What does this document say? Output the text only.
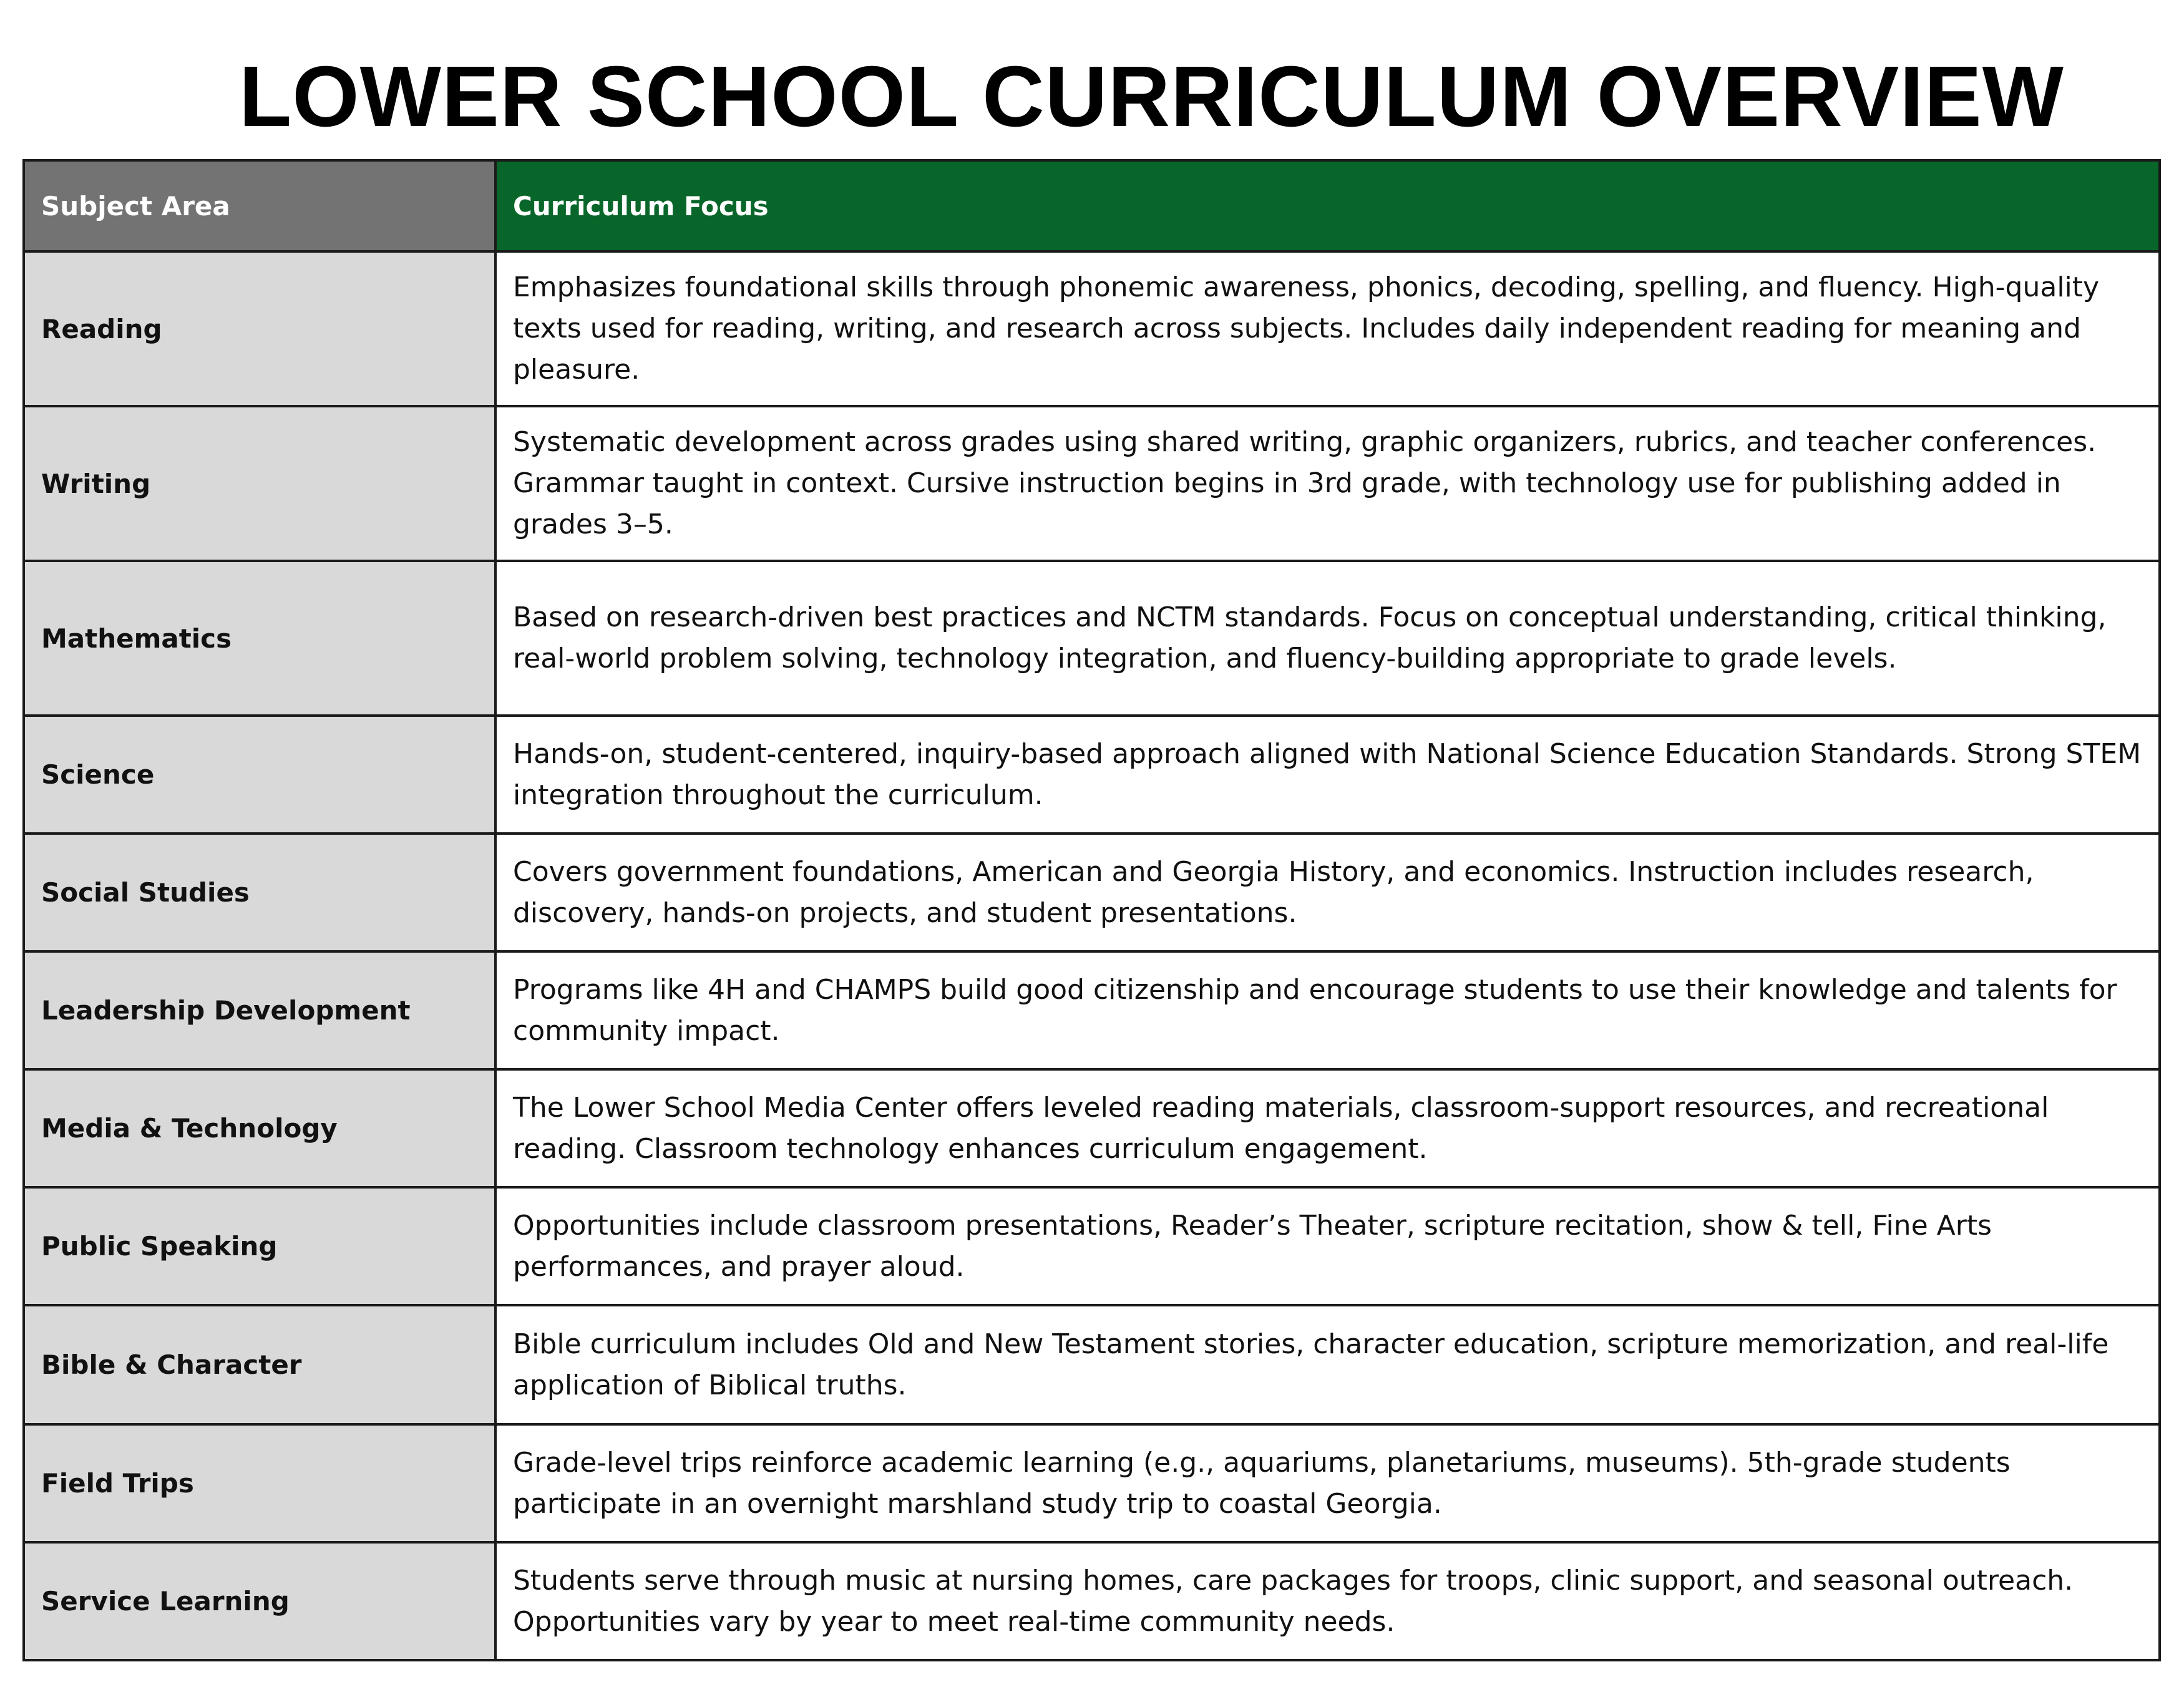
LOWER SCHOOL CURRICULUM OVERVIEW
Subject Area	Curriculum Focus
Reading	Emphasizes foundational skills through phonemic awareness, phonics, decoding, spelling, and fluency. High-quality texts used for reading, writing, and research across subjects. Includes daily independent reading for meaning and pleasure.
Writing	Systematic development across grades using shared writing, graphic organizers, rubrics, and teacher conferences. Grammar taught in context. Cursive instruction begins in 3rd grade, with technology use for publishing added in grades 3–5.
Mathematics	Based on research-driven best practices and NCTM standards. Focus on conceptual understanding, critical thinking, real-world problem solving, technology integration, and fluency-building appropriate to grade levels.
Science	Hands-on, student-centered, inquiry-based approach aligned with National Science Education Standards. Strong STEM integration throughout the curriculum.
Social Studies	Covers government foundations, American and Georgia History, and economics. Instruction includes research, discovery, hands-on projects, and student presentations.
Leadership Development	Programs like 4H and CHAMPS build good citizenship and encourage students to use their knowledge and talents for community impact.
Media & Technology	The Lower School Media Center offers leveled reading materials, classroom-support resources, and recreational reading. Classroom technology enhances curriculum engagement.
Public Speaking	Opportunities include classroom presentations, Reader’s Theater, scripture recitation, show & tell, Fine Arts performances, and prayer aloud.
Bible & Character	Bible curriculum includes Old and New Testament stories, character education, scripture memorization, and real-life application of Biblical truths.
Field Trips	Grade-level trips reinforce academic learning (e.g., aquariums, planetariums, museums). 5th-grade students participate in an overnight marshland study trip to coastal Georgia.
Service Learning	Students serve through music at nursing homes, care packages for troops, clinic support, and seasonal outreach. Opportunities vary by year to meet real-time community needs.
